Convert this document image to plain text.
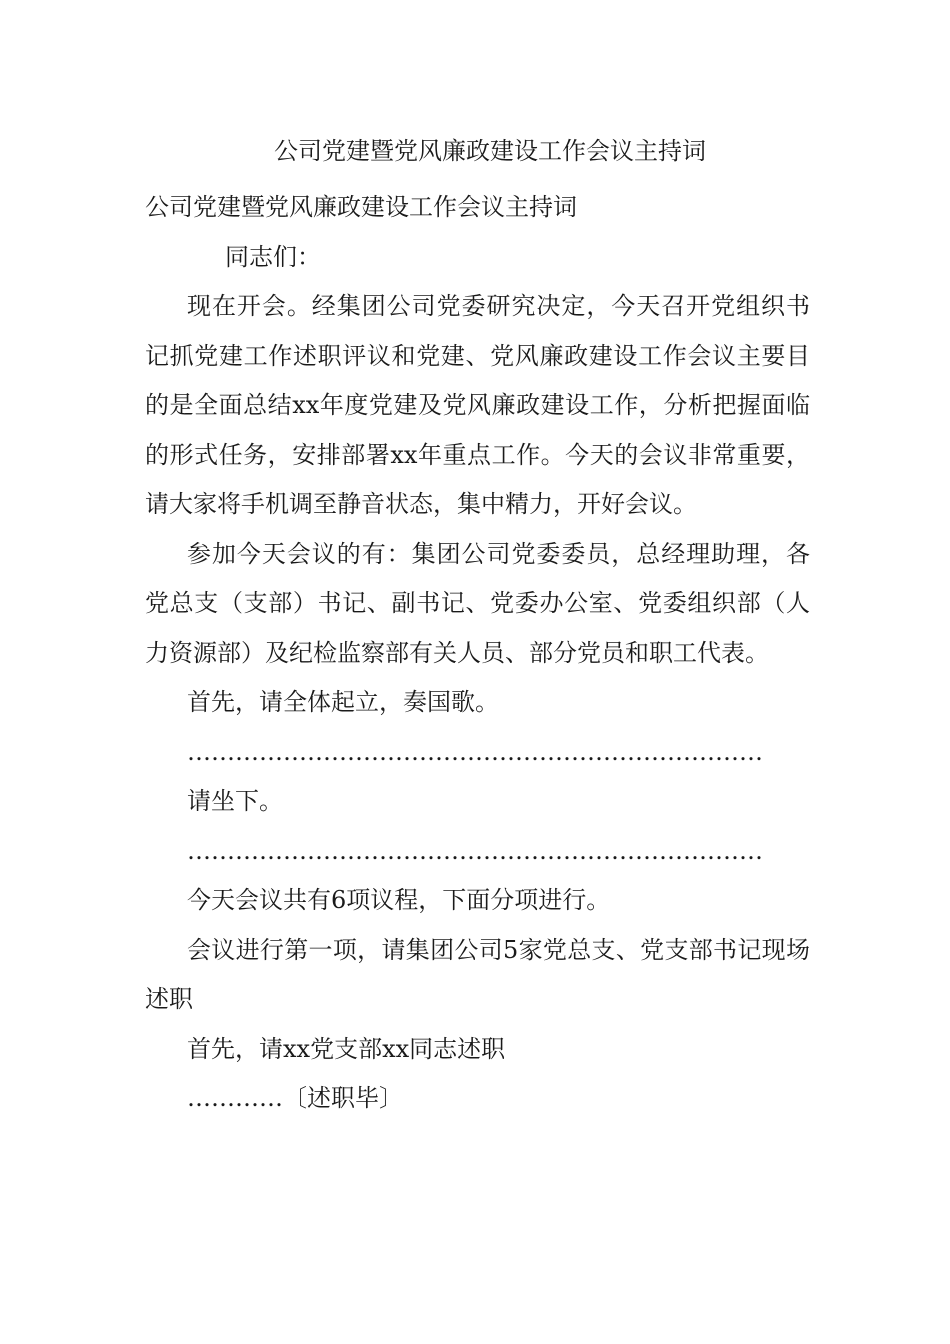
公司党建暨党风廉政建设工作会议主持词

公司党建暨党风廉政建设工作会议主持词

同志们：

现在开会。经集团公司党委研究决定，今天召开党组织书记抓党建工作述职评议和党建、党风廉政建设工作会议主要目的是全面总结xx年度党建及党风廉政建设工作，分析把握面临的形式任务，安排部署xx年重点工作。今天的会议非常重要，请大家将手机调至静音状态，集中精力，开好会议。

参加今天会议的有：集团公司党委委员，总经理助理，各党总支（支部）书记、副书记、党委办公室、党委组织部（人力资源部）及纪检监察部有关人员、部分党员和职工代表。

首先，请全体起立，奏国歌。

………………………………………………………………

请坐下。

………………………………………………………………

今天会议共有6项议程，下面分项进行。

会议进行第一项，请集团公司5家党总支、党支部书记现场述职

首先，请xx党支部xx同志述职

…………〔述职毕〕
